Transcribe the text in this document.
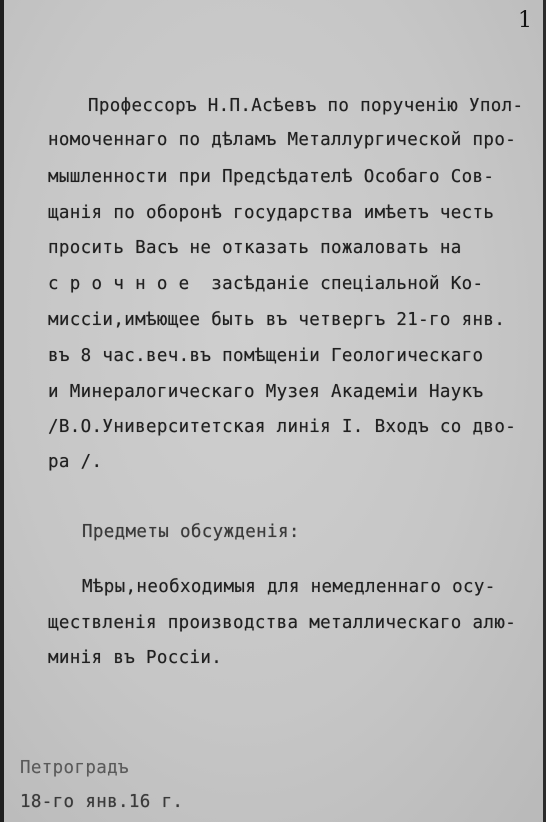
1
Профессоръ Н.П.Асѣевъ по порученію Упол-
номоченнаго по дѣламъ Металлургической про-
мышленности при Предсѣдателѣ Особаго Сов-
щанія по оборонѣ государства имѣетъ честь
просить Васъ не отказать пожаловать на
с р о ч н о е  засѣданіе спеціальной Ко-
миссіи,имѣющее быть въ четвергъ 21-го янв.
въ 8 час.веч.въ помѣщеніи Геологическаго
и Минералогическаго Музея Академіи Наукъ
/В.О.Университетская линія I. Входъ со дво-
ра /.
Предметы обсужденія:
Мѣры,необходимыя для немедленнаго осу-
ществленія производства металлическаго алю-
минія въ Россіи.
Петроградъ
18-го янв.16 г.
